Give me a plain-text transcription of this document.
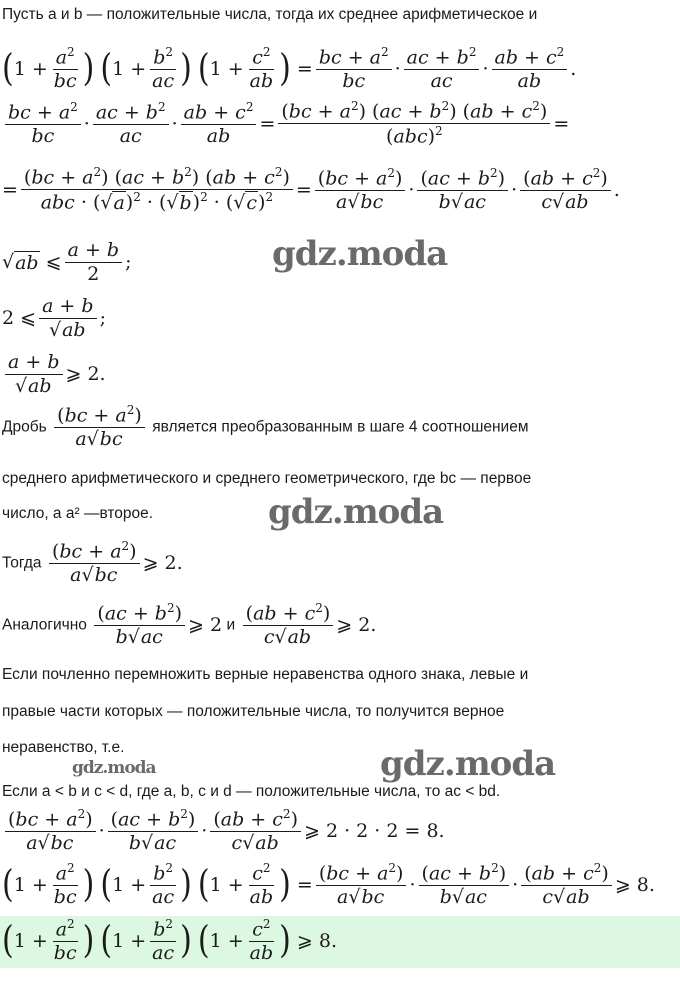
Пусть a и b — положительные числа, тогда их среднее арифметическое и
( $1 + \frac{a^2}{bc}$ )
( $1 + \frac{b^2}{ac}$ )
( $1 + \frac{c^2}{ab}$ ) = $\frac{bc + a^2}{bc} \cdot \frac{ac + b^2}{ac} \cdot \frac{ab + c^2}{ab}$ .
$\frac{bc + a^2}{bc} \cdot \frac{ac + b^2}{ac} \cdot \frac{ab + c^2}{ab} = \frac{(bc + a^2) (ac + b^2) (ab + c^2)}{(abc)^2}$ =
= $\frac{(bc + a^2) (ac + b^2) (ab + c^2)}{abc \cdot (√a)^2 \cdot (√b)^2 \cdot (√c)^2} = \frac{(bc + a^2)}{a√bc} \cdot \frac{(ac + b^2)}{b√ac} \cdot \frac{(ab + c^2)}{c√ab}$ .
√ ab ⩽ $\frac{a + b}{2}$ ;
2 ⩽ $\frac{a + b}{√ab}$ ;
$\frac{a + b}{√ab}$ ⩾ 2.
Дробь $\frac{(bc + a^2)}{a√bc}$ является преобразованным в шаге 4 соотношением
среднего арифметического и среднего геометрического, где bc — первое
число, а a² —второе.
Тогда $\frac{(bc + a^2)}{a√bc}$ ⩾ 2.
Аналогично $\frac{(ac + b^2)}{b√ac}$ ⩾ 2 и $\frac{(ab + c^2)}{c√ab}$ ⩾ 2.
Если почленно перемножить верные неравенства одного знака, левые и
правые части которых — положительные числа, то получится верное
неравенство, т.е.
Если a < b и c < d, где a, b, c и d — положительные числа, то ac < bd.
$\frac{(bc + a^2)}{a√bc} \cdot \frac{(ac + b^2)}{b√ac} \cdot \frac{(ab + c^2)}{c√ab}$ ⩾ 2 · 2 · 2 = 8.
( $1 + \frac{a^2}{bc}$ )
( $1 + \frac{b^2}{ac}$ )
( $1 + \frac{c^2}{ab}$ ) = $\frac{(bc + a^2)}{a√bc} \cdot \frac{(ac + b^2)}{b√ac} \cdot \frac{(ab + c^2)}{c√ab}$ ⩾ 8.
( $1 + \frac{a^2}{bc}$ )
( $1 + \frac{b^2}{ac}$ )
( $1 + \frac{c^2}{ab}$ ) ⩾ 8.
gdz.moda
gdz.moda
gdz.moda
gdz.moda
